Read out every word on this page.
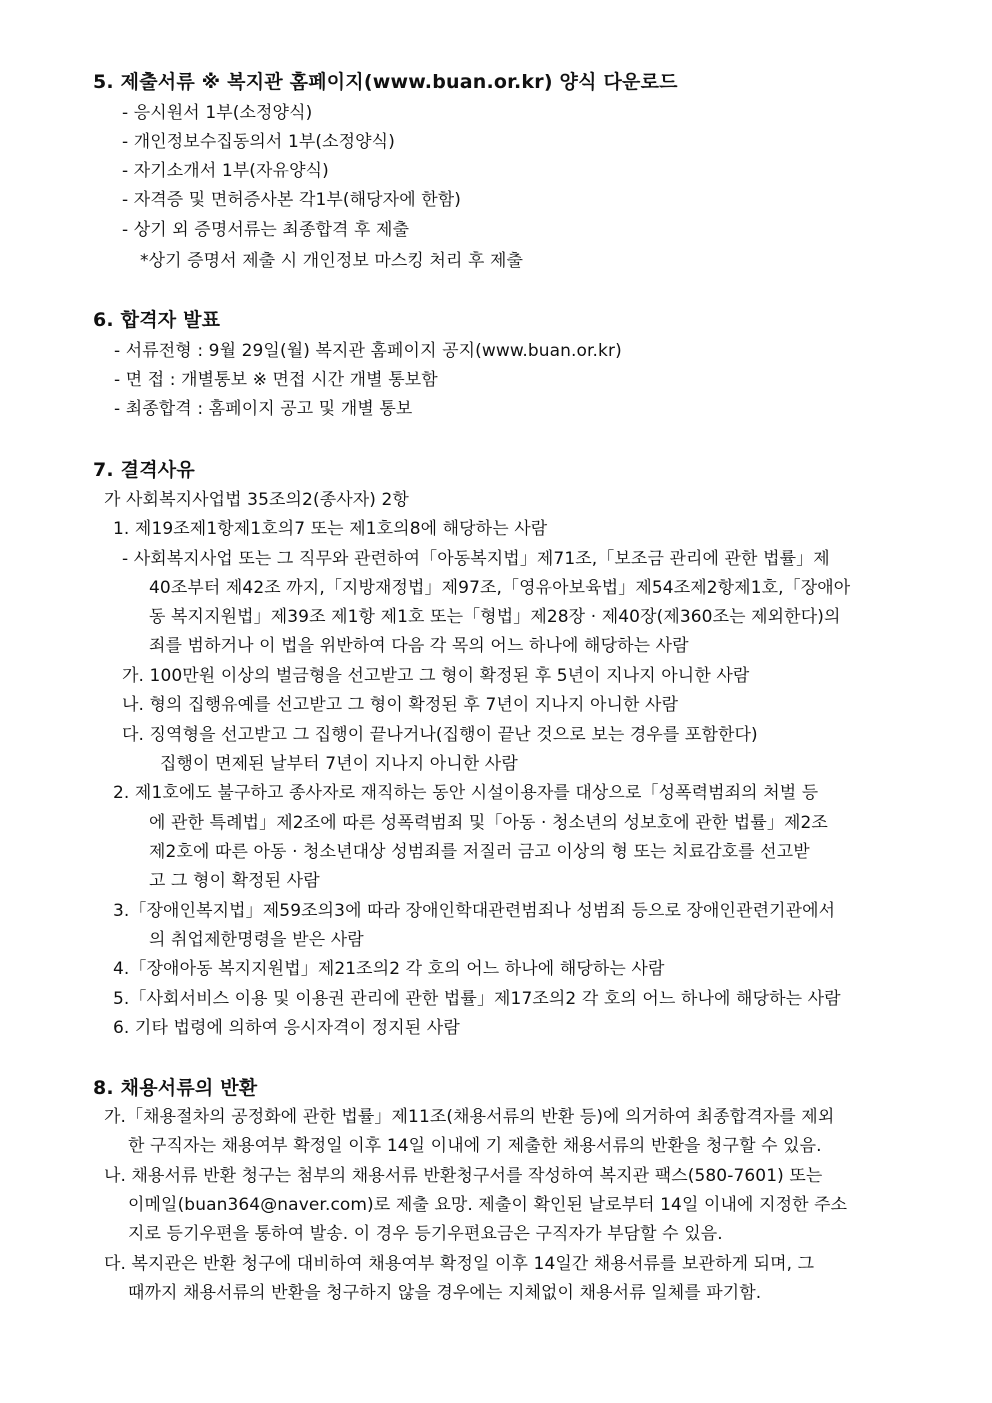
5. 제출서류 ※ 복지관 홈페이지(www.buan.or.kr) 양식 다운로드
- 응시원서 1부(소정양식)
- 개인정보수집동의서 1부(소정양식)
- 자기소개서 1부(자유양식)
- 자격증 및 면허증사본 각1부(해당자에 한함)
- 상기 외 증명서류는 최종합격 후 제출
*상기 증명서 제출 시 개인정보 마스킹 처리 후 제출
6. 합격자 발표
- 서류전형 : 9월 29일(월) 복지관 홈페이지 공지(www.buan.or.kr)
- 면 접 : 개별통보 ※ 면접 시간 개별 통보함
- 최종합격 : 홈페이지 공고 및 개별 통보
7. 결격사유
가 사회복지사업법 35조의2(종사자) 2항
1. 제19조제1항제1호의7 또는 제1호의8에 해당하는 사람
- 사회복지사업 또는 그 직무와 관련하여「아동복지법」제71조,「보조금 관리에 관한 법률」제
40조부터 제42조 까지,「지방재정법」제97조,「영유아보육법」제54조제2항제1호,「장애아
동 복지지원법」제39조 제1항 제1호 또는「형법」제28장 · 제40장(제360조는 제외한다)의
죄를 범하거나 이 법을 위반하여 다음 각 목의 어느 하나에 해당하는 사람
가. 100만원 이상의 벌금형을 선고받고 그 형이 확정된 후 5년이 지나지 아니한 사람
나. 형의 집행유예를 선고받고 그 형이 확정된 후 7년이 지나지 아니한 사람
다. 징역형을 선고받고 그 집행이 끝나거나(집행이 끝난 것으로 보는 경우를 포함한다)
집행이 면제된 날부터 7년이 지나지 아니한 사람
2. 제1호에도 불구하고 종사자로 재직하는 동안 시설이용자를 대상으로「성폭력범죄의 처벌 등
에 관한 특례법」제2조에 따른 성폭력범죄 및「아동 · 청소년의 성보호에 관한 법률」제2조
제2호에 따른 아동 · 청소년대상 성범죄를 저질러 금고 이상의 형 또는 치료감호를 선고받
고 그 형이 확정된 사람
3.「장애인복지법」제59조의3에 따라 장애인학대관련범죄나 성범죄 등으로 장애인관련기관에서
의 취업제한명령을 받은 사람
4.「장애아동 복지지원법」제21조의2 각 호의 어느 하나에 해당하는 사람
5.「사회서비스 이용 및 이용권 관리에 관한 법률」제17조의2 각 호의 어느 하나에 해당하는 사람
6. 기타 법령에 의하여 응시자격이 정지된 사람
8. 채용서류의 반환
가.「채용절차의 공정화에 관한 법률」제11조(채용서류의 반환 등)에 의거하여 최종합격자를 제외
한 구직자는 채용여부 확정일 이후 14일 이내에 기 제출한 채용서류의 반환을 청구할 수 있음.
나. 채용서류 반환 청구는 첨부의 채용서류 반환청구서를 작성하여 복지관 팩스(580-7601) 또는
이메일(buan364@naver.com)로 제출 요망. 제출이 확인된 날로부터 14일 이내에 지정한 주소
지로 등기우편을 통하여 발송. 이 경우 등기우편요금은 구직자가 부담할 수 있음.
다. 복지관은 반환 청구에 대비하여 채용여부 확정일 이후 14일간 채용서류를 보관하게 되며, 그
때까지 채용서류의 반환을 청구하지 않을 경우에는 지체없이 채용서류 일체를 파기함.
